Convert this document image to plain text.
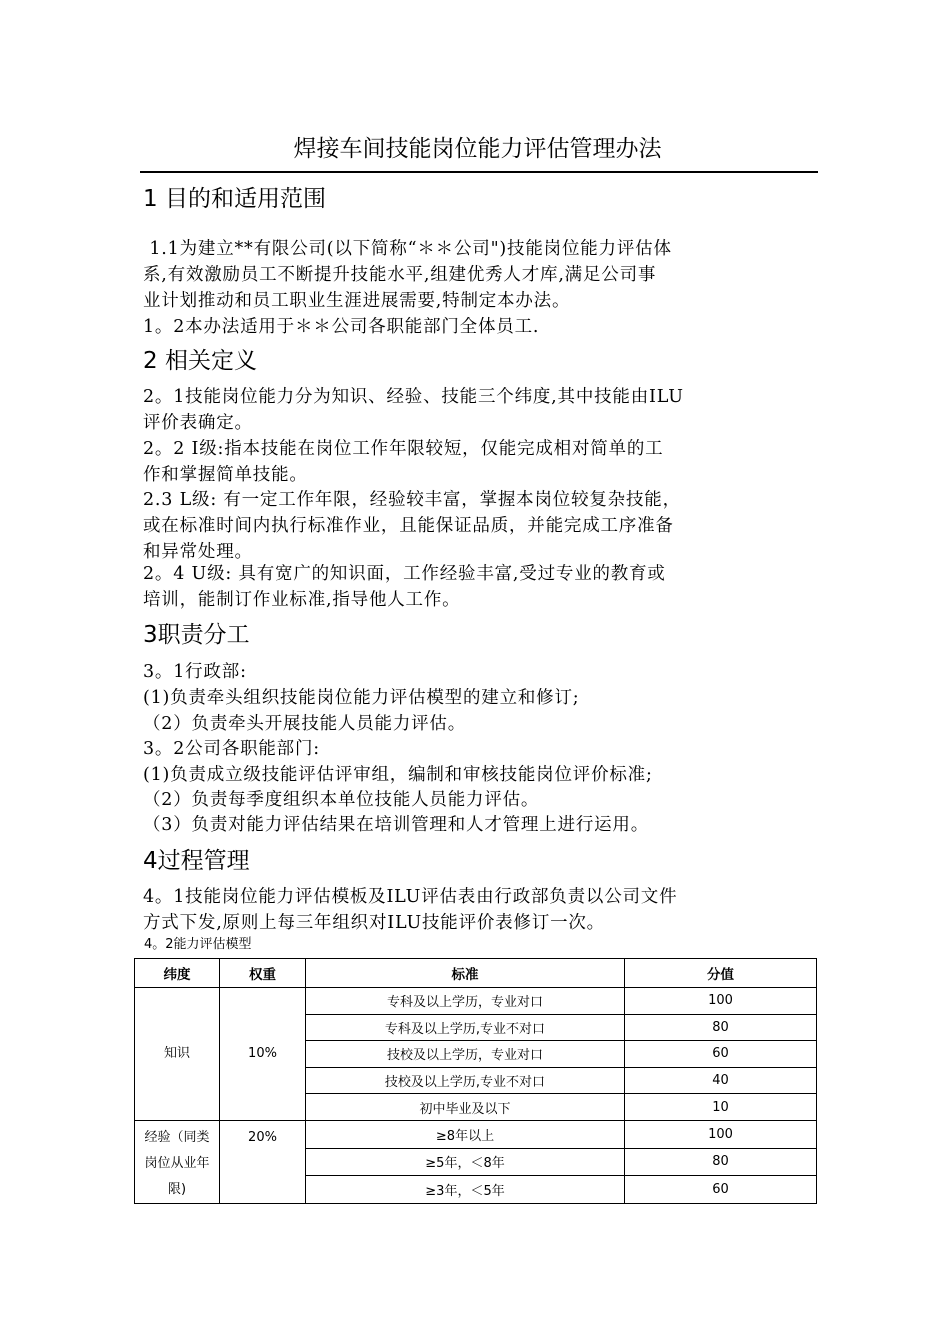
焊接车间技能岗位能力评估管理办法
1 目的和适用范围
1.1为建立**有限公司(以下简称“＊＊公司")技能岗位能力评估体
系,有效激励员工不断提升技能水平,组建优秀人才库,满足公司事
业计划推动和员工职业生涯进展需要,特制定本办法。
1。2本办法适用于＊＊公司各职能部门全体员工.
2 相关定义
2。1技能岗位能力分为知识、经验、技能三个纬度,其中技能由ILU
评价表确定。
2。2 I级:指本技能在岗位工作年限较短，仅能完成相对简单的工
作和掌握简单技能。
2.3 L级: 有一定工作年限，经验较丰富，掌握本岗位较复杂技能，
或在标准时间内执行标准作业，且能保证品质，并能完成工序准备
和异常处理。
2。4 U级: 具有宽广的知识面，工作经验丰富,受过专业的教育或
培训，能制订作业标准,指导他人工作。
3职责分工
3。1行政部:
(1)负责牵头组织技能岗位能力评估模型的建立和修订;
（2）负责牵头开展技能人员能力评估。
3。2公司各职能部门:
(1)负责成立级技能评估评审组，编制和审核技能岗位评价标准;
（2）负责每季度组织本单位技能人员能力评估。
（3）负责对能力评估结果在培训管理和人才管理上进行运用。
4过程管理
4。1技能岗位能力评估模板及ILU评估表由行政部负责以公司文件
方式下发,原则上每三年组织对ILU技能评价表修订一次。
4。2能力评估模型
纬度	权重	标准	分值
知识	10%	专科及以上学历，专业对口	100
		专科及以上学历,专业不对口	80
		技校及以上学历，专业对口	60
		技校及以上学历,专业不对口	40
		初中毕业及以下	10
经验（同类岗位从业年限)	20%	≥8年以上	100
		≥5年，＜8年	80
		≥3年，＜5年	60
